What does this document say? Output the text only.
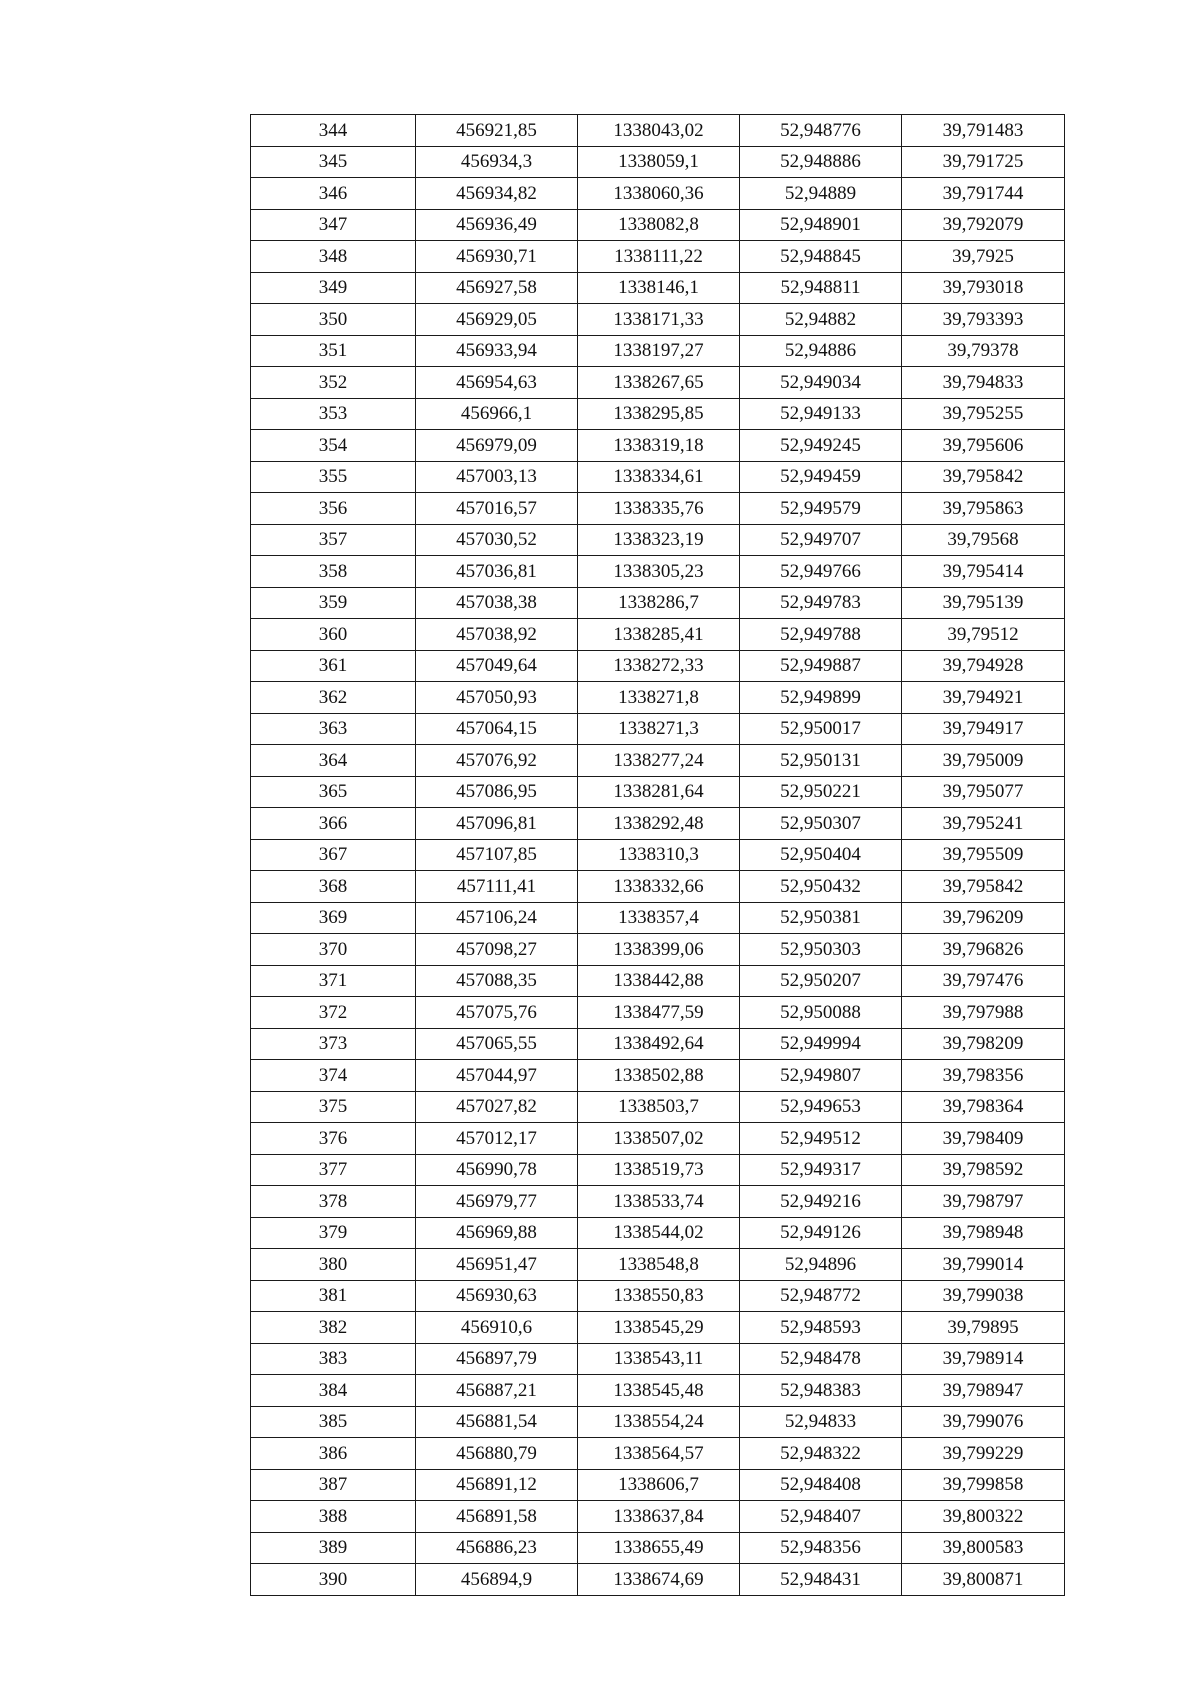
344	456921,85	1338043,02	52,948776	39,791483
345	456934,3	1338059,1	52,948886	39,791725
346	456934,82	1338060,36	52,94889	39,791744
347	456936,49	1338082,8	52,948901	39,792079
348	456930,71	1338111,22	52,948845	39,7925
349	456927,58	1338146,1	52,948811	39,793018
350	456929,05	1338171,33	52,94882	39,793393
351	456933,94	1338197,27	52,94886	39,79378
352	456954,63	1338267,65	52,949034	39,794833
353	456966,1	1338295,85	52,949133	39,795255
354	456979,09	1338319,18	52,949245	39,795606
355	457003,13	1338334,61	52,949459	39,795842
356	457016,57	1338335,76	52,949579	39,795863
357	457030,52	1338323,19	52,949707	39,79568
358	457036,81	1338305,23	52,949766	39,795414
359	457038,38	1338286,7	52,949783	39,795139
360	457038,92	1338285,41	52,949788	39,79512
361	457049,64	1338272,33	52,949887	39,794928
362	457050,93	1338271,8	52,949899	39,794921
363	457064,15	1338271,3	52,950017	39,794917
364	457076,92	1338277,24	52,950131	39,795009
365	457086,95	1338281,64	52,950221	39,795077
366	457096,81	1338292,48	52,950307	39,795241
367	457107,85	1338310,3	52,950404	39,795509
368	457111,41	1338332,66	52,950432	39,795842
369	457106,24	1338357,4	52,950381	39,796209
370	457098,27	1338399,06	52,950303	39,796826
371	457088,35	1338442,88	52,950207	39,797476
372	457075,76	1338477,59	52,950088	39,797988
373	457065,55	1338492,64	52,949994	39,798209
374	457044,97	1338502,88	52,949807	39,798356
375	457027,82	1338503,7	52,949653	39,798364
376	457012,17	1338507,02	52,949512	39,798409
377	456990,78	1338519,73	52,949317	39,798592
378	456979,77	1338533,74	52,949216	39,798797
379	456969,88	1338544,02	52,949126	39,798948
380	456951,47	1338548,8	52,94896	39,799014
381	456930,63	1338550,83	52,948772	39,799038
382	456910,6	1338545,29	52,948593	39,79895
383	456897,79	1338543,11	52,948478	39,798914
384	456887,21	1338545,48	52,948383	39,798947
385	456881,54	1338554,24	52,94833	39,799076
386	456880,79	1338564,57	52,948322	39,799229
387	456891,12	1338606,7	52,948408	39,799858
388	456891,58	1338637,84	52,948407	39,800322
389	456886,23	1338655,49	52,948356	39,800583
390	456894,9	1338674,69	52,948431	39,800871
